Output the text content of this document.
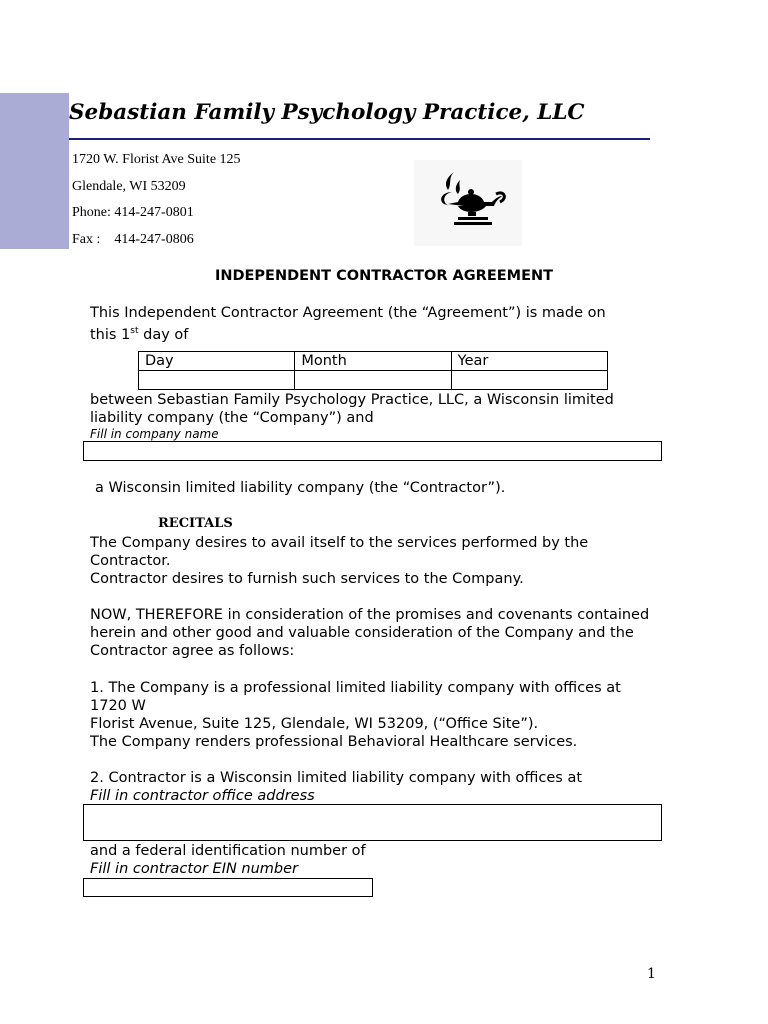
Sebastian Family Psychology Practice, LLC
1720 W. Florist Ave Suite 125
Glendale, WI 53209
Phone: 414-247-0801
Fax :    414-247-0806
INDEPENDENT CONTRACTOR AGREEMENT

This Independent Contractor Agreement (the “Agreement”) is made on

this 1st day of

Day	Month	Year

between Sebastian Family Psychology Practice, LLC, a Wisconsin limited

liability company (the “Company”) and

Fill in company name
a Wisconsin limited liability company (the “Contractor”).
RECITALS

The Company desires to avail itself to the services performed by the Contractor.

Contractor desires to furnish such services to the Company.

NOW, THEREFORE in consideration of the promises and covenants contained herein and other good and valuable consideration of the Company and the Contractor agree as follows:

1. The Company is a professional limited liability company with offices at

1720 W

Florist Avenue, Suite 125, Glendale, WI 53209, (“Office Site”).

The Company renders professional Behavioral Healthcare services.

2. Contractor is a Wisconsin limited liability company with offices at

Fill in contractor office address
and a federal identification number of
Fill in contractor EIN number
1
